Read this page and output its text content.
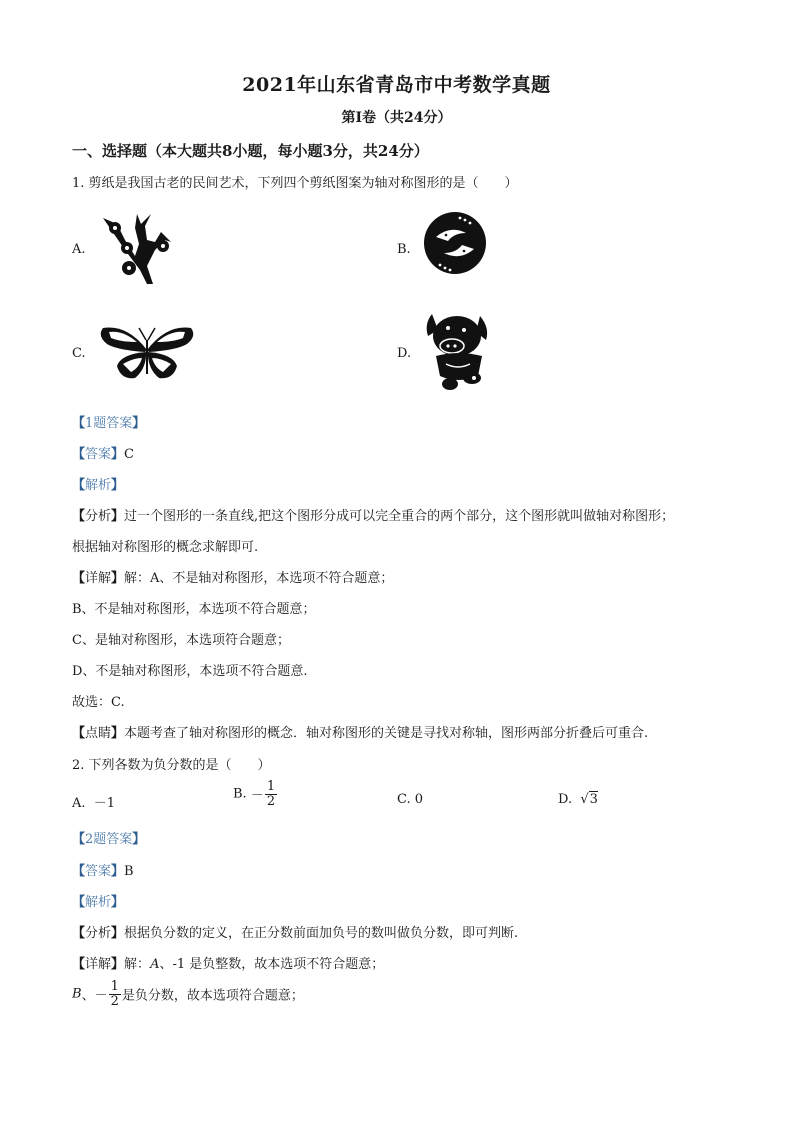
2021年山东省青岛市中考数学真题
第Ⅰ卷（共24分）
一、选择题（本大题共8小题，每小题3分，共24分）
1. 剪纸是我国古老的民间艺术，下列四个剪纸图案为轴对称图形的是（　　）
A.	B.
C.	D.
【1题答案】
【答案】C
【解析】
【分析】过一个图形的一条直线,把这个图形分成可以完全重合的两个部分，这个图形就叫做轴对称图形；
根据轴对称图形的概念求解即可.
【详解】解：A、不是轴对称图形，本选项不符合题意；
B、不是轴对称图形，本选项不符合题意；
C、是轴对称图形，本选项符合题意；
D、不是轴对称图形，本选项不符合题意.
故选：C.
【点睛】本题考查了轴对称图形的概念．轴对称图形的关键是寻找对称轴，图形两部分折叠后可重合.
2. 下列各数为负分数的是（　　）
A. －1
B. － $\frac{1}{2}$	C. 0	D. √3
【2题答案】
【答案】B
【解析】
【分析】根据负分数的定义，在正分数前面加负号的数叫做负分数，即可判断.
【详解】解：A、-1 是负整数，故本选项不符合题意；
B、－ $\frac{1}{2}$ 是负分数，故本选项符合题意；
